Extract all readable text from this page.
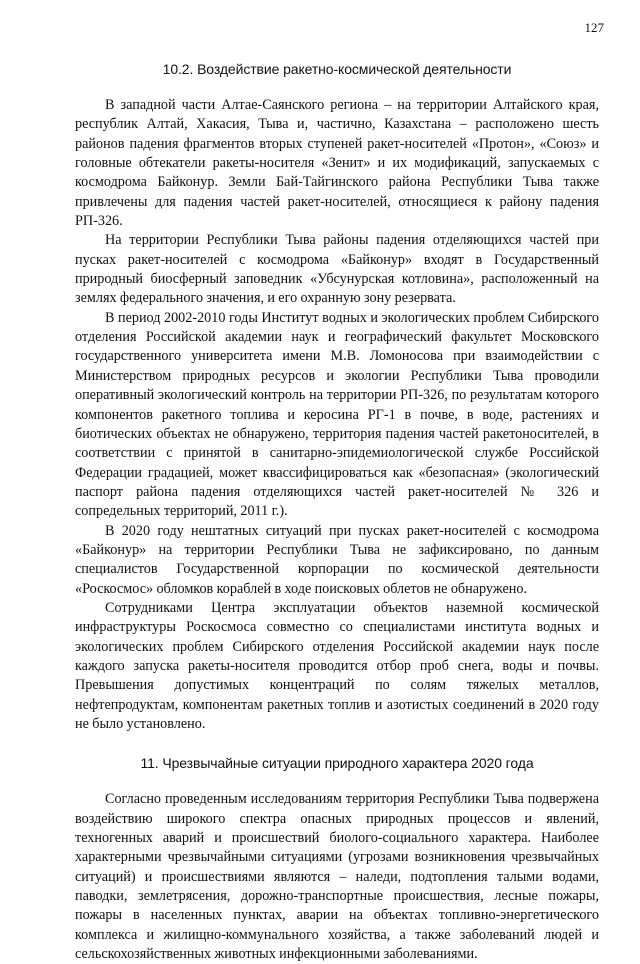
127
10.2. Воздействие ракетно-космической деятельности

В западной части Алтае-Саянского региона – на территории Алтайского края, республик Алтай, Хакасия, Тыва и, частично, Казахстана – расположено шесть районов падения фрагментов вторых ступеней ракет-носителей «Протон», «Союз» и головные обтекатели ракеты-носителя «Зенит» и их модификаций, запускаемых с космодрома Байконур. Земли Бай-Тайгинского района Республики Тыва также привлечены для падения частей ракет-носителей, относящиеся к району падения РП-326.

На территории Республики Тыва районы падения отделяющихся частей при пусках ракет-носителей с космодрома «Байконур» входят в Государственный природный биосферный заповедник «Убсунурская котловина», расположенный на землях федерального значения, и его охранную зону резервата.

В период 2002-2010 годы Институт водных и экологических проблем Сибирского отделения Российской академии наук и географический факультет Московского государственного университета имени М.В. Ломоносова при взаимодействии с Министерством природных ресурсов и экологии Республики Тыва проводили оперативный экологический контроль на территории РП-326, по результатам которого компонентов ракетного топлива и керосина РГ-1 в почве, в воде, растениях и биотических объектах не обнаружено, территория падения частей ракетоносителей, в соответствии с принятой в санитарно-эпидемиологической службе Российской Федерации градацией, может квассифицироваться как «безопасная» (экологический паспорт района падения отделяющихся частей ракет-носителей № 326 и сопредельных территорий, 2011 г.).

В 2020 году нештатных ситуаций при пусках ракет-носителей с космодрома «Байконур» на территории Республики Тыва не зафиксировано, по данным специалистов Государственной корпорации по космической деятельности «Роскосмос» обломков кораблей в ходе поисковых облетов не обнаружено.

Сотрудниками Центра эксплуатации объектов наземной космической инфраструктуры Роскосмоса совместно со специалистами института водных и экологических проблем Сибирского отделения Российской академии наук после каждого запуска ракеты-носителя проводится отбор проб снега, воды и почвы. Превышения допустимых концентраций по солям тяжелых металлов, нефтепродуктам, компонентам ракетных топлив и азотистых соединений в 2020 году не было установлено.

11. Чрезвычайные ситуации природного характера 2020 года

Согласно проведенным исследованиям территория Республики Тыва подвержена воздействию широкого спектра опасных природных процессов и явлений, техногенных аварий и происшествий биолого-социального характера. Наиболее характерными чрезвычайными ситуациями (угрозами возникновения чрезвычайных ситуаций) и происшествиями являются – наледи, подтопления талыми водами, паводки, землетрясения, дорожно-транспортные происшествия, лесные пожары, пожары в населенных пунктах, аварии на объектах топливно-энергетического комплекса и жилищно-коммунального хозяйства, а также заболеваний людей и сельскохозяйственных животных инфекционными заболеваниями.
